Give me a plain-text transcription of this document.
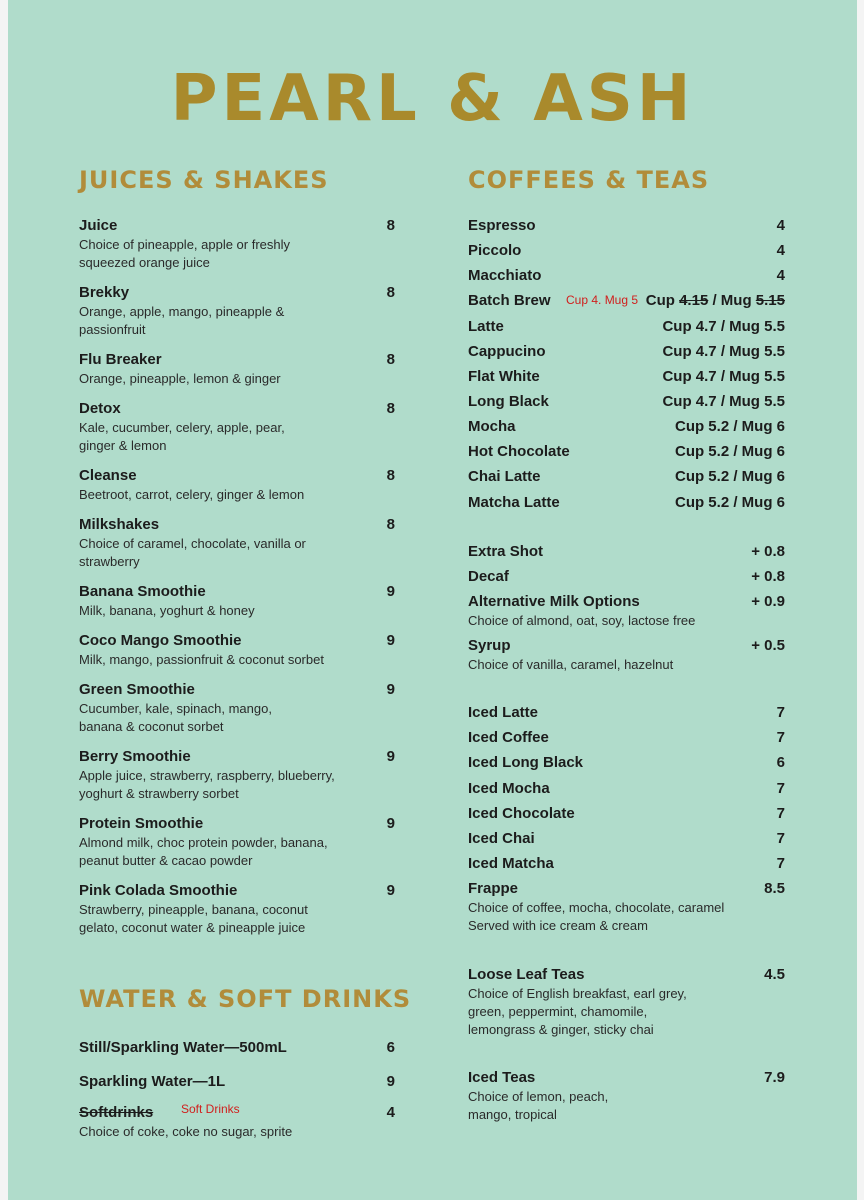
PEARL & ASH
JUICES & SHAKES
Juice
Choice of pineapple, apple or freshly squeezed orange juice
8
Brekky
Orange, apple, mango, pineapple & passionfruit
8
Flu Breaker
Orange, pineapple, lemon & ginger
8
Detox
Kale, cucumber, celery, apple, pear, ginger & lemon
8
Cleanse
Beetroot, carrot, celery, ginger & lemon
8
Milkshakes
Choice of caramel, chocolate, vanilla or strawberry
8
Banana Smoothie
Milk, banana, yoghurt & honey
9
Coco Mango Smoothie
Milk, mango, passionfruit & coconut sorbet
9
Green Smoothie
Cucumber, kale, spinach, mango, banana & coconut sorbet
9
Berry Smoothie
Apple juice, strawberry, raspberry, blueberry, yoghurt & strawberry sorbet
9
Protein Smoothie
Almond milk, choc protein powder, banana, peanut butter & cacao powder
9
Pink Colada Smoothie
Strawberry, pineapple, banana, coconut gelato, coconut water & pineapple juice
9
WATER & SOFT DRINKS
Still/Sparkling Water—500mL	6
Sparkling Water—1L	9
Softdrinks
Choice of coke, coke no sugar, sprite
Soft Drinks	4
COFFEES & TEAS
Espresso	4
Piccolo	4
Macchiato	4
Batch Brew	Cup 4. Mug 5 Cup 4.15 / Mug 5.15
Latte	Cup 4.7 / Mug 5.5
Cappucino	Cup 4.7 / Mug 5.5
Flat White	Cup 4.7 / Mug 5.5
Long Black	Cup 4.7 / Mug 5.5
Mocha	Cup 5.2 / Mug 6
Hot Chocolate	Cup 5.2 / Mug 6
Chai Latte	Cup 5.2 / Mug 6
Matcha Latte	Cup 5.2 / Mug 6
Extra Shot	+ 0.8
Decaf	+ 0.8
Alternative Milk Options
Choice of almond, oat, soy, lactose free
+ 0.9
Syrup
Choice of vanilla, caramel, hazelnut
+ 0.5
Iced Latte	7
Iced Coffee	7
Iced Long Black	6
Iced Mocha	7
Iced Chocolate	7
Iced Chai	7
Iced Matcha	7
Frappe
Choice of coffee, mocha, chocolate, caramel Served with ice cream & cream
8.5
Loose Leaf Teas
Choice of English breakfast, earl grey, green, peppermint, chamomile, lemongrass & ginger, sticky chai
4.5
Iced Teas
Choice of lemon, peach, mango, tropical
7.9
